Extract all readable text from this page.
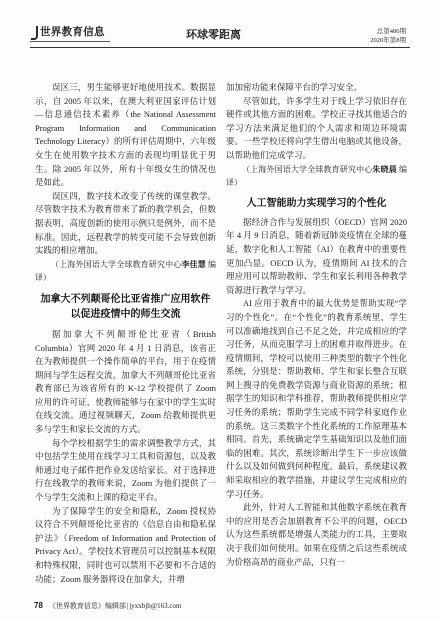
世界教育信息	环球零距离	总第486期
2020年第8期

误区三，男生能够更好地使用技术。数据显示，自 2005 年以来，在澳大利亚国家评估计划—信息通信技术素养（the National Assessment Program Information and Communication Technology Literacy）的所有评估周期中，六年级女生在使用数字技术方面的表现均明显优于男生。除 2005 年以外，所有十年级女生的情况也是如此。

误区四，数字技术改变了传统的课堂教学。尽管数字技术为教育带来了新的教学机会，但数据表明，高度创新的使用示例只是例外，而不是标准。因此，远程教学的转变可能不会导致创新实践的相应增加。

（上海外国语大学全球教育研究中心李佳慧 编译）
加拿大不列颠哥伦比亚省推广应用软件
以促进疫情中的师生交流

据加拿大不列颠哥伦比亚省（British Columbia）官网 2020 年 4 月 1 日消息，该省正在为教师提供一个操作简单的平台，用于在疫情期间与学生远程交流。加拿大不列颠哥伦比亚省教育部已为该省所有的 K-12 学校提供了 Zoom 应用的许可证，使教师能够与在家中的学生实时在线交流。通过视频聊天，Zoom 给教师提供更多与学生和家长交流的方式。

每个学校根据学生的需求调整教学方式，其中包括学生使用在线学习工具和资源包，以及教师通过电子邮件把作业发送给家长。对于选择进行在线教学的教师来说，Zoom 为他们提供了一个与学生交流和上课的稳定平台。

为了保障学生的安全和隐私，Zoom 授权协议符合不列颠哥伦比亚省的《信息自由和隐私保护法》（Freedom of Information and Protection of Privacy Act）。学校技术管理员可以控制基本权限和特殊权限，同时也可以禁用不必要和不合适的功能；Zoom 服务器将设在加拿大，并增

加加密功能来保障平台的学习安全。

尽管如此，许多学生对于线上学习依旧存在硬件或其他方面的困难。学校正寻找其他适合的学习方法来满足他们的个人需求和周边环境需要。一些学校还将向学生借出电脑或其他设备，以帮助他们完成学习。

（上海外国语大学全球教育研究中心朱晓晨 编译）
人工智能助力实现学习的个性化

据经济合作与发展组织（OECD）官网 2020 年 4 月 9 日消息，随着新冠肺炎疫情在全球的蔓延，数字化和人工智能（AI）在教育中的重要性更加凸显。OECD 认为，疫情期间 AI 技术的合理应用可以帮助教师、学生和家长利用各种教学资源进行教学与学习。

AI 应用于教育中的最大优势是帮助实现“学习的个性化”。在“个性化”的教育系统里，学生可以准确地找到自己不足之处，并完成相应的学习任务，从而克服学习上的困难并取得进步。在疫情期间，学校可以使用三种类型的数字个性化系统，分别是：帮助教师、学生和家长整合互联网上搜寻的免费教学资源与商业资源的系统；根据学生的知识和学科推荐，帮助教师提供相应学习任务的系统；帮助学生完成不同学科家庭作业的系统。这三类数字个性化系统的工作原理基本相同。首先，系统确定学生基础知识以及他们面临的困难。其次，系统诊断出学生下一步应该做什么以及如何做到何种程度。最后，系统建议教师采取相应的教学措施，并建议学生完成相应的学习任务。

此外，针对人工智能和其他数字系统在教育中的应用是否会加剧教育不公平的问题，OECD 认为这些系统都是增强人类能力的工具，主要取决于我们如何使用。如果在疫情之后这些系统成为价格高昂的商业产品，只有一

78 《世界教育信息》编辑部|jyxxbjb@163.com
